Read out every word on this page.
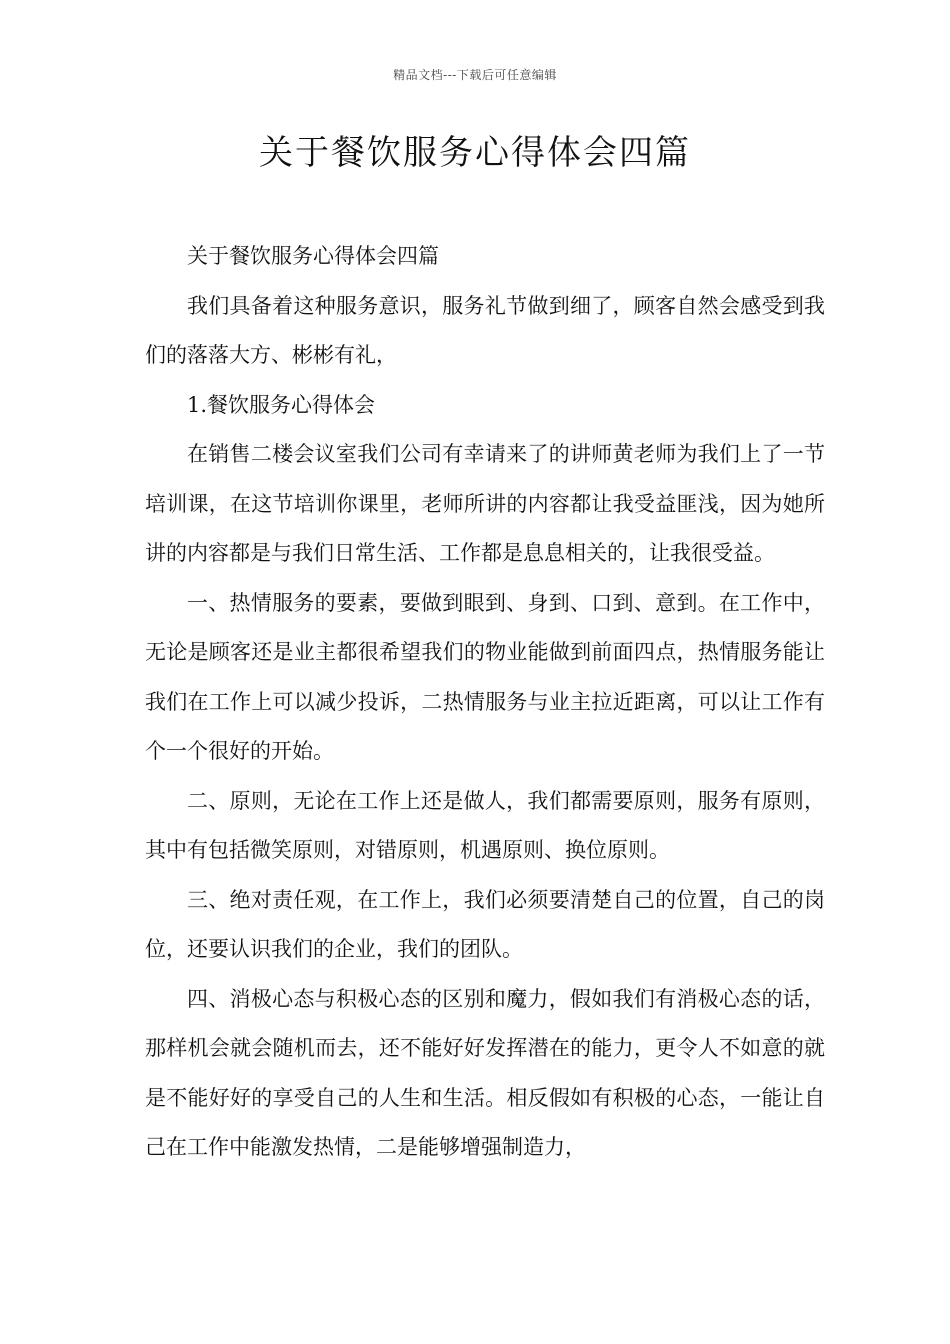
精品文档---下载后可任意编辑
关于餐饮服务心得体会四篇

关于餐饮服务心得体会四篇

我们具备着这种服务意识，服务礼节做到细了，顾客自然会感受到我们的落落大方、彬彬有礼，

1.餐饮服务心得体会

在销售二楼会议室我们公司有幸请来了的讲师黄老师为我们上了一节培训课，在这节培训你课里，老师所讲的内容都让我受益匪浅，因为她所讲的内容都是与我们日常生活、工作都是息息相关的，让我很受益。

一、热情服务的要素，要做到眼到、身到、口到、意到。在工作中，无论是顾客还是业主都很希望我们的物业能做到前面四点，热情服务能让我们在工作上可以减少投诉，二热情服务与业主拉近距离，可以让工作有个一个很好的开始。

二、原则，无论在工作上还是做人，我们都需要原则，服务有原则，其中有包括微笑原则，对错原则，机遇原则、换位原则。

三、绝对责任观，在工作上，我们必须要清楚自己的位置，自己的岗位，还要认识我们的企业，我们的团队。

四、消极心态与积极心态的区别和魔力，假如我们有消极心态的话，那样机会就会随机而去，还不能好好发挥潜在的能力，更令人不如意的就是不能好好的享受自己的人生和生活。相反假如有积极的心态，一能让自己在工作中能激发热情，二是能够增强制造力，
